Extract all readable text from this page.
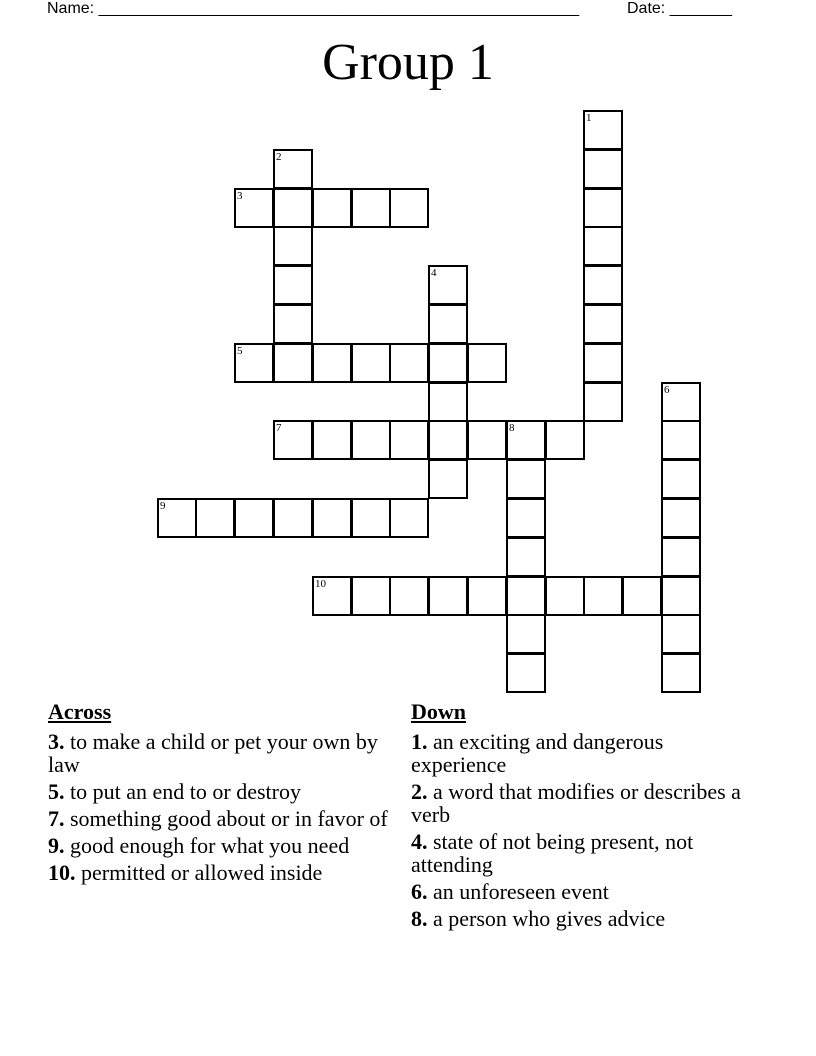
Name: ______________________________________________________	Date: _______
Group 1
1
2
3
4
5
6
7	8
9
10
Across
3. to make a child or pet your own by law
5. to put an end to or destroy
7. something good about or in favor of
9. good enough for what you need
10. permitted or allowed inside
Down
1. an exciting and dangerous experience
2. a word that modifies or describes a verb
4. state of not being present, not attending
6. an unforeseen event
8. a person who gives advice
